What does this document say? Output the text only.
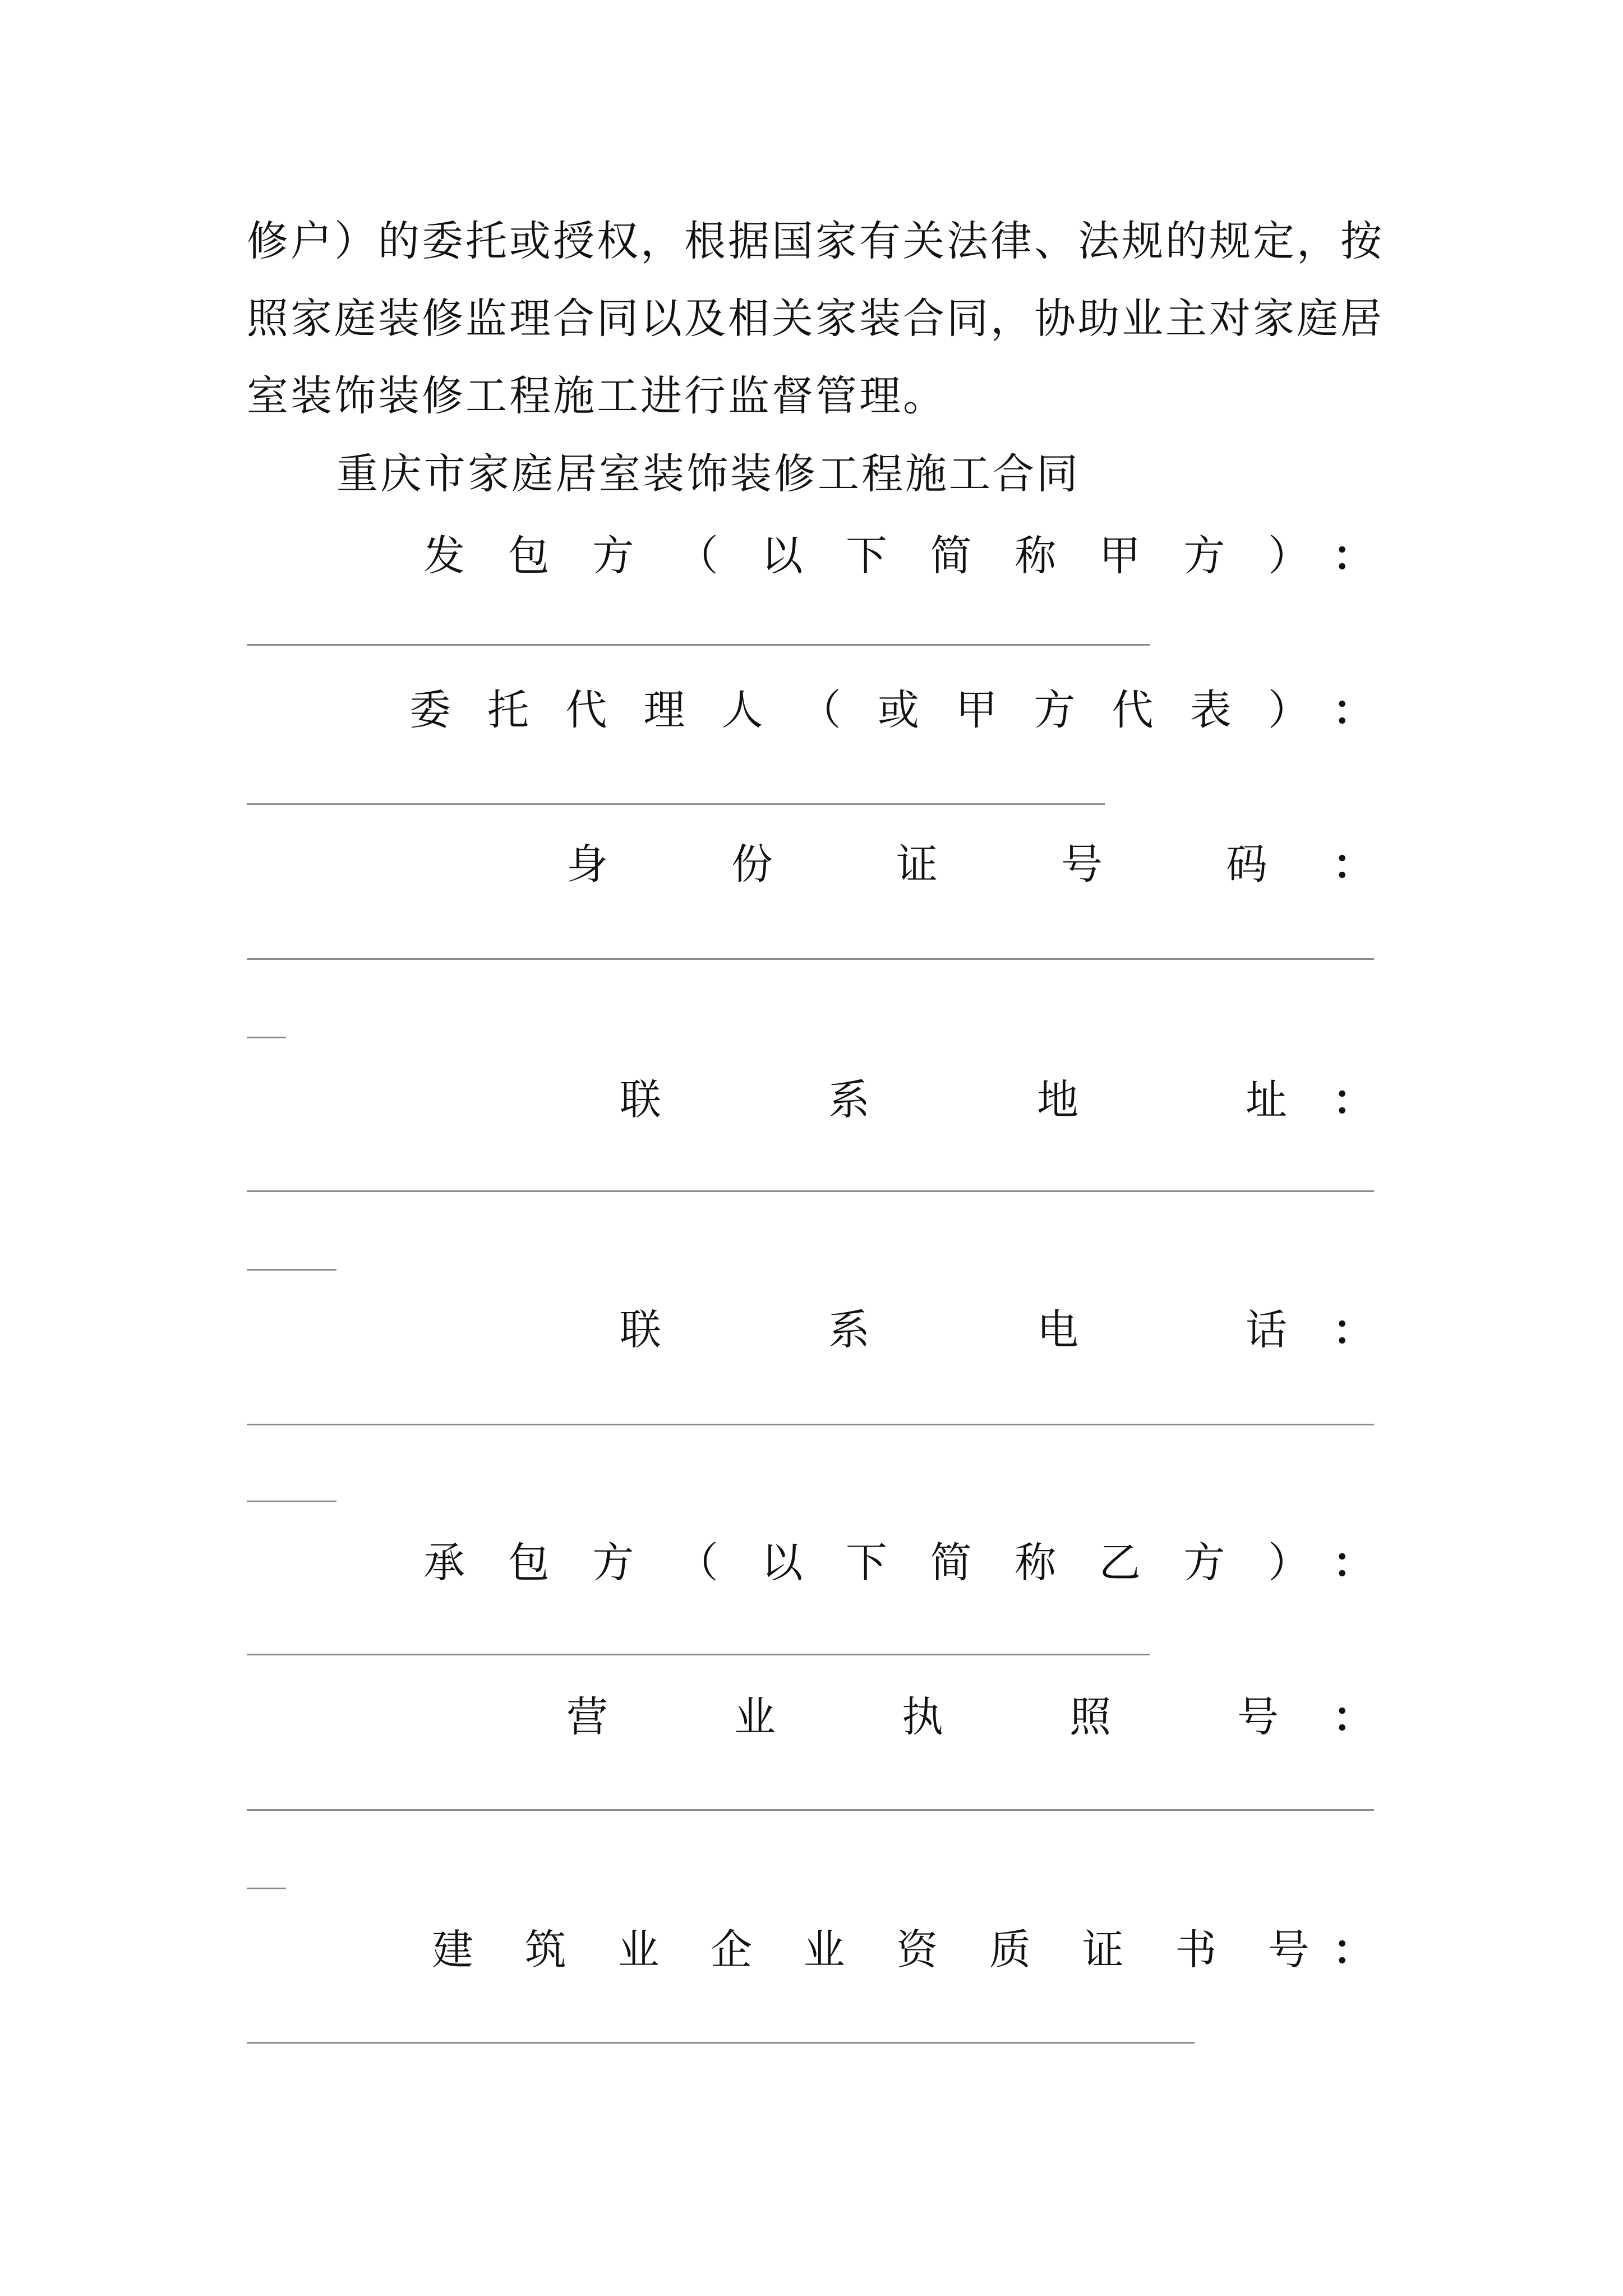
修户）的委托或授权，根据国家有关法律、法规的规定，按
照家庭装修监理合同以及相关家装合同，协助业主对家庭居
室装饰装修工程施工进行监督管理。
重庆市家庭居室装饰装修工程施工合同
发 包 方 （ 以 下 简 称 甲 方 ） ：
委 托 代 理 人 （ 或 甲 方 代 表 ） ：
身	份	证	号	码 ：
联	系	地	址 ：
联	系	电	话 ：
承 包 方 （ 以 下 简 称 乙 方 ） ：
营	业	执	照	号 ：
建 筑 业 企 业 资 质 证 书 号 ：
